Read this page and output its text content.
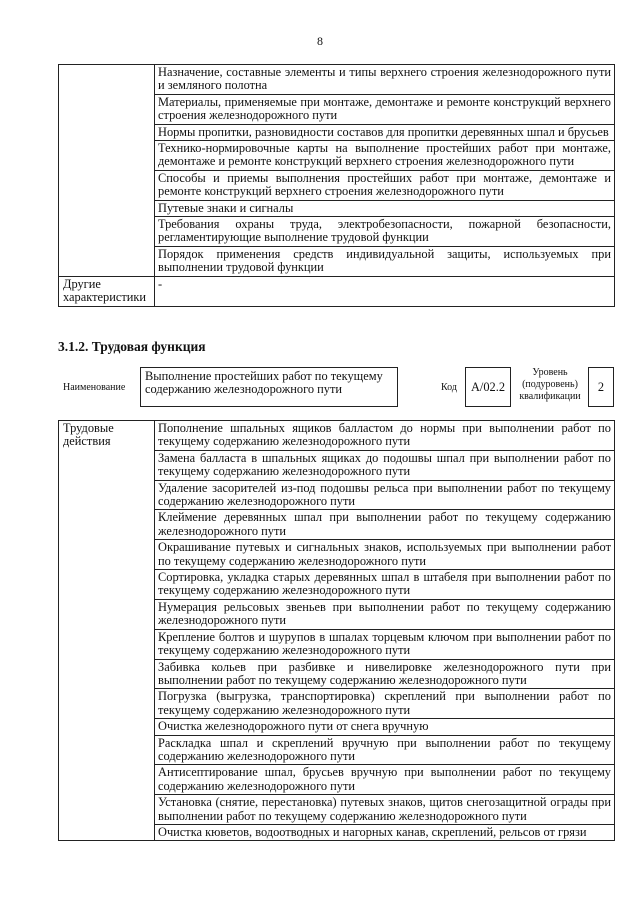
8
	Назначение, составные элементы и типы верхнего строения железнодорожного пути и земляного полотна
	Материалы, применяемые при монтаже, демонтаже и ремонте конструкций верхнего строения железнодорожного пути
	Нормы пропитки, разновидности составов для пропитки деревянных шпал и брусьев
	Технико-нормировочные карты на выполнение простейших работ при монтаже, демонтаже и ремонте конструкций верхнего строения железнодорожного пути
	Способы и приемы выполнения простейших работ при монтаже, демонтаже и ремонте конструкций верхнего строения железнодорожного пути
	Путевые знаки и сигналы
	Требования охраны труда, электробезопасности, пожарной безопасности, регламентирующие выполнение трудовой функции
	Порядок применения средств индивидуальной защиты, используемых при выполнении трудовой функции
Другие характеристики	-
3.1.2. Трудовая функция
Наименование
Выполнение простейших работ по текущему содержанию железнодорожного пути	Код	А/02.2
Уровень (подуровень) квалификации
2
Трудовые действия	Пополнение шпальных ящиков балластом до нормы при выполнении работ по текущему содержанию железнодорожного пути
Замена балласта в шпальных ящиках до подошвы шпал при выполнении работ по текущему содержанию железнодорожного пути
Удаление засорителей из-под подошвы рельса при выполнении работ по текущему содержанию железнодорожного пути
Клеймение деревянных шпал при выполнении работ по текущему содержанию железнодорожного пути
Окрашивание путевых и сигнальных знаков, используемых при выполнении работ по текущему содержанию железнодорожного пути
Сортировка, укладка старых деревянных шпал в штабеля при выполнении работ по текущему содержанию железнодорожного пути
Нумерация рельсовых звеньев при выполнении работ по текущему содержанию железнодорожного пути
Крепление болтов и шурупов в шпалах торцевым ключом при выполнении работ по текущему содержанию железнодорожного пути
Забивка кольев при разбивке и нивелировке железнодорожного пути при выполнении работ по текущему содержанию железнодорожного пути
Погрузка (выгрузка, транспортировка) скреплений при выполнении работ по текущему содержанию железнодорожного пути
Очистка железнодорожного пути от снега вручную
Раскладка шпал и скреплений вручную при выполнении работ по текущему содержанию железнодорожного пути
Антисептирование шпал, брусьев вручную при выполнении работ по текущему содержанию железнодорожного пути
Установка (снятие, перестановка) путевых знаков, щитов снегозащитной ограды при выполнении работ по текущему содержанию железнодорожного пути
Очистка кюветов, водоотводных и нагорных канав, скреплений, рельсов от грязи
